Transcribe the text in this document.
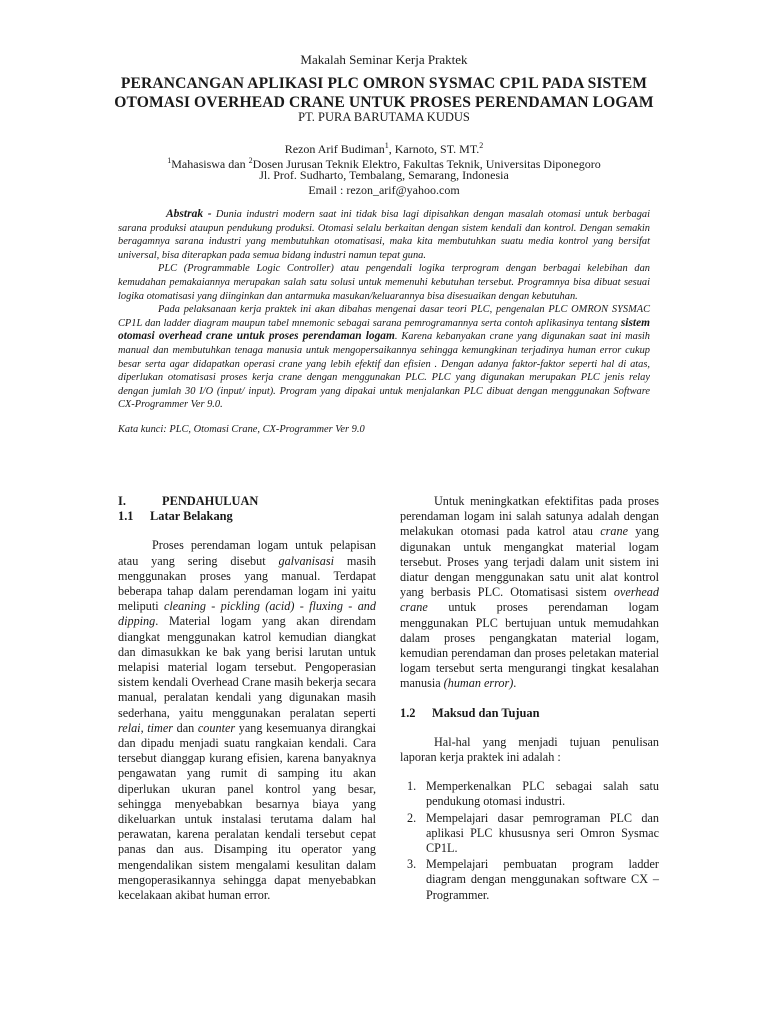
Makalah Seminar Kerja Praktek
PERANCANGAN APLIKASI PLC OMRON SYSMAC CP1L PADA SISTEM
OTOMASI OVERHEAD CRANE UNTUK PROSES PERENDAMAN LOGAM
PT. PURA BARUTAMA KUDUS
Rezon Arif Budiman$^1$, Karnoto, ST. MT.$^2$
$^1$Mahasiswa dan $^2$Dosen Jurusan Teknik Elektro, Fakultas Teknik, Universitas Diponegoro
Jl. Prof. Sudharto, Tembalang, Semarang, Indonesia
Email : rezon_arif@yahoo.com

Abstrak - Dunia industri modern saat ini tidak bisa lagi dipisahkan dengan masalah otomasi untuk berbagai sarana produksi ataupun pendukung produksi. Otomasi selalu berkaitan dengan sistem kendali dan kontrol. Dengan semakin beragamnya sarana industri yang membutuhkan otomatisasi, maka kita membutuhkan suatu media kontrol yang bersifat universal, bisa diterapkan pada semua bidang industri namun tepat guna.

PLC (Programmable Logic Controller) atau pengendali logika terprogram dengan berbagai kelebihan dan kemudahan pemakaiannya merupakan salah satu solusi untuk memenuhi kebutuhan tersebut. Programnya bisa dibuat sesuai logika otomatisasi yang diinginkan dan antarmuka masukan/keluarannya bisa disesuaikan dengan kebutuhan.

Pada pelaksanaan kerja praktek ini akan dibahas mengenai dasar teori PLC, pengenalan PLC OMRON SYSMAC CP1L dan ladder diagram maupun tabel mnemonic sebagai sarana pemrogramannya serta contoh aplikasinya tentang sistem otomasi overhead crane untuk proses perendaman logam. Karena kebanyakan crane yang digunakan saat ini masih manual dan membutuhkan tenaga manusia untuk mengopersaikannya sehingga kemungkinan terjadinya human error cukup besar serta agar didapatkan operasi crane yang lebih efektif dan efisien . Dengan adanya faktor-faktor seperti hal di atas, diperlukan otomatisasi proses kerja crane dengan menggunakan PLC. PLC yang digunakan merupakan PLC jenis relay dengan jumlah 30 I/O (input/ input). Program yang dipakai untuk menjalankan PLC dibuat dengan menggunakan Software CX-Programmer Ver 9.0.

Kata kunci: PLC, Otomasi Crane, CX-Programmer Ver 9.0
I.	PENDAHULUAN
1.1 Latar Belakang

Proses perendaman logam untuk pelapisan atau yang sering disebut galvanisasi masih menggunakan proses yang manual. Terdapat beberapa tahap dalam perendaman logam ini yaitu meliputi cleaning - pickling (acid) - fluxing - and dipping. Material logam yang akan direndam diangkat menggunakan katrol kemudian diangkat dan dimasukkan ke bak yang berisi larutan untuk melapisi material logam tersebut. Pengoperasian sistem kendali Overhead Crane masih bekerja secara manual, peralatan kendali yang digunakan masih sederhana, yaitu menggunakan peralatan seperti relai, timer dan counter yang kesemuanya dirangkai dan dipadu menjadi suatu rangkaian kendali. Cara tersebut dianggap kurang efisien, karena banyaknya pengawatan yang rumit di samping itu akan diperlukan ukuran panel kontrol yang besar, sehingga menyebabkan besarnya biaya yang dikeluarkan untuk instalasi terutama dalam hal perawatan, karena peralatan kendali tersebut cepat panas dan aus. Disamping itu operator yang mengendalikan sistem mengalami kesulitan dalam mengoperasikannya sehingga dapat menyebabkan kecelakaan akibat human error.

Untuk meningkatkan efektifitas pada proses perendaman logam ini salah satunya adalah dengan melakukan otomasi pada katrol atau crane yang digunakan untuk mengangkat material logam tersebut. Proses yang terjadi dalam unit sistem ini diatur dengan menggunakan satu unit alat kontrol yang berbasis PLC. Otomatisasi sistem overhead crane untuk proses perendaman logam menggunakan PLC bertujuan untuk memudahkan dalam proses pengangkatan material logam, kemudian perendaman dan proses peletakan material logam tersebut serta mengurangi tingkat kesalahan manusia (human error).

1.2 Maksud dan Tujuan

Hal-hal yang menjadi tujuan penulisan laporan kerja praktek ini adalah :

1. Memperkenalkan PLC sebagai salah satu pendukung otomasi industri.
2. Mempelajari dasar pemrograman PLC dan aplikasi PLC khususnya seri Omron Sysmac CP1L.
3. Mempelajari pembuatan program ladder diagram dengan menggunakan software CX – Programmer.
